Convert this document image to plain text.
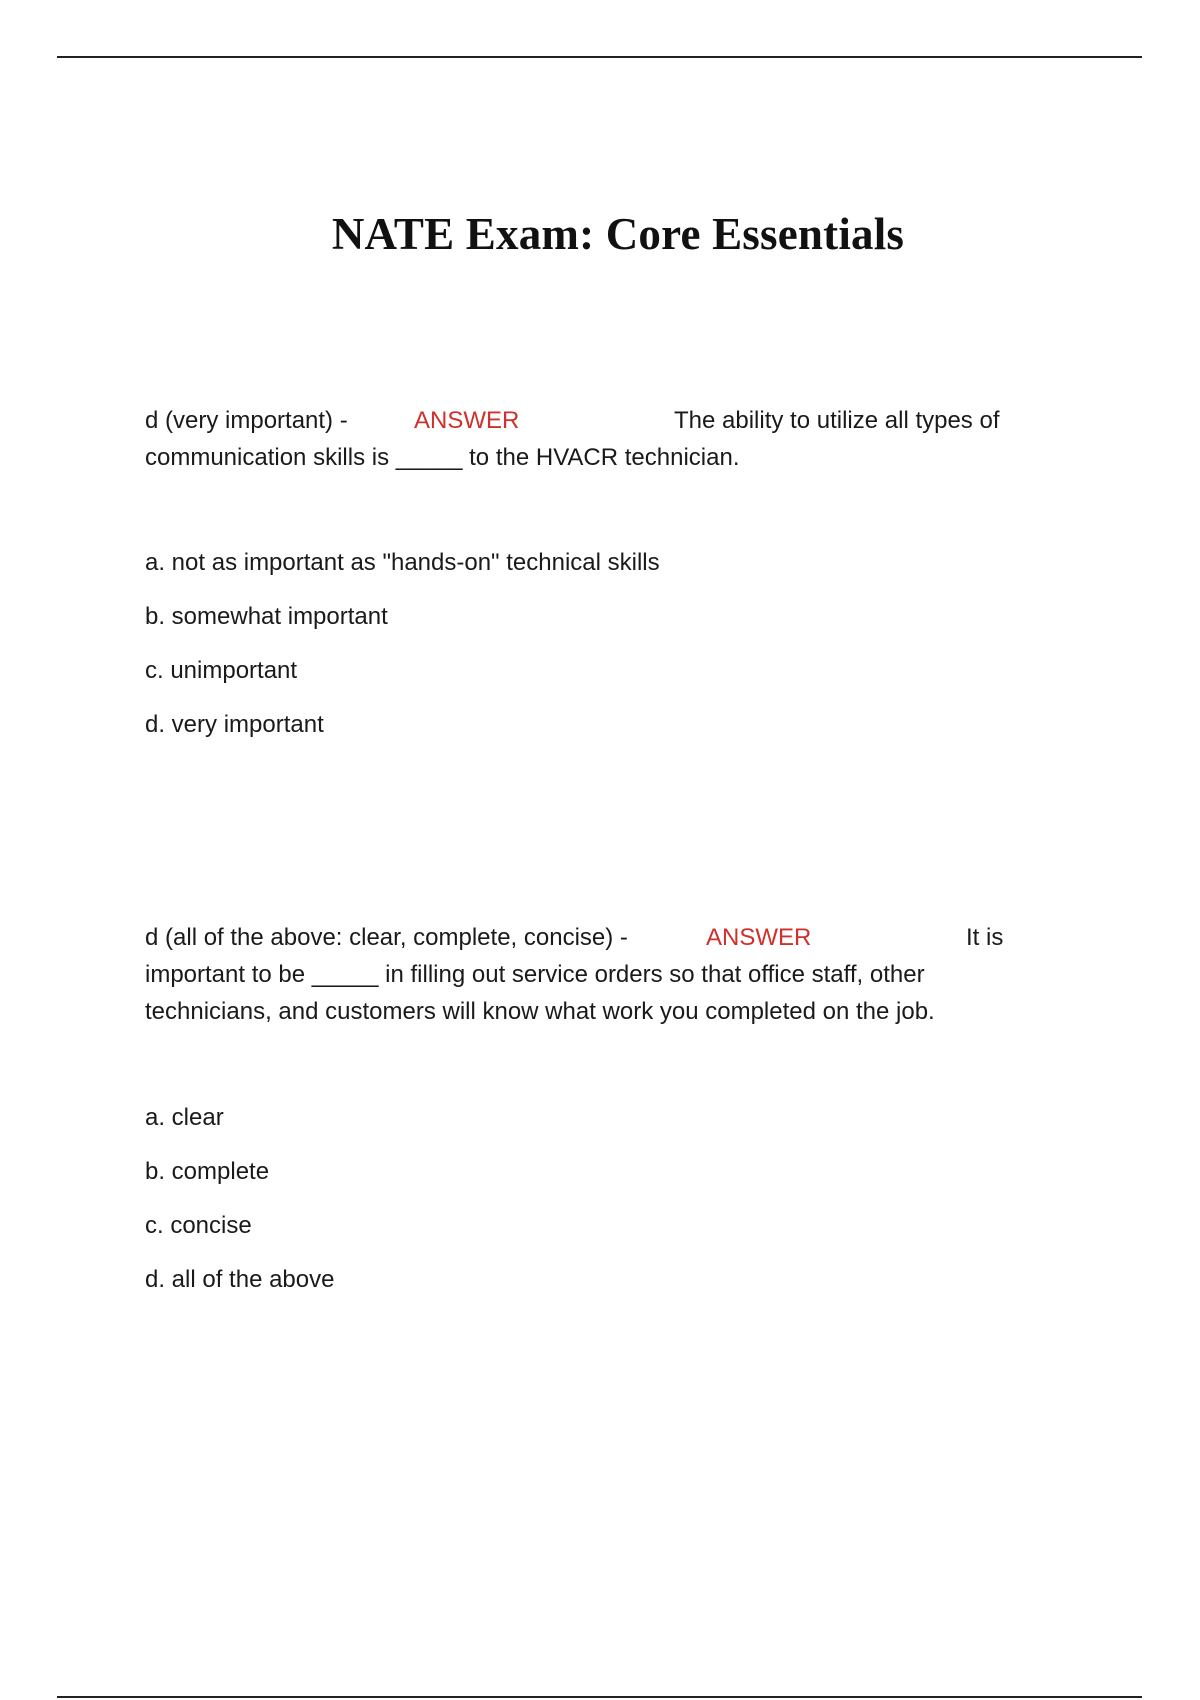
NATE Exam: Core Essentials
d (very important) -	ANSWER	The ability to utilize all types of
communication skills is _____ to the HVACR technician.
a. not as important as "hands-on" technical skills
b. somewhat important
c. unimportant
d. very important
d (all of the above: clear, complete, concise) -	ANSWER	It is
important to be _____ in filling out service orders so that office staff, other
technicians, and customers will know what work you completed on the job.
a. clear
b. complete
c. concise
d. all of the above
